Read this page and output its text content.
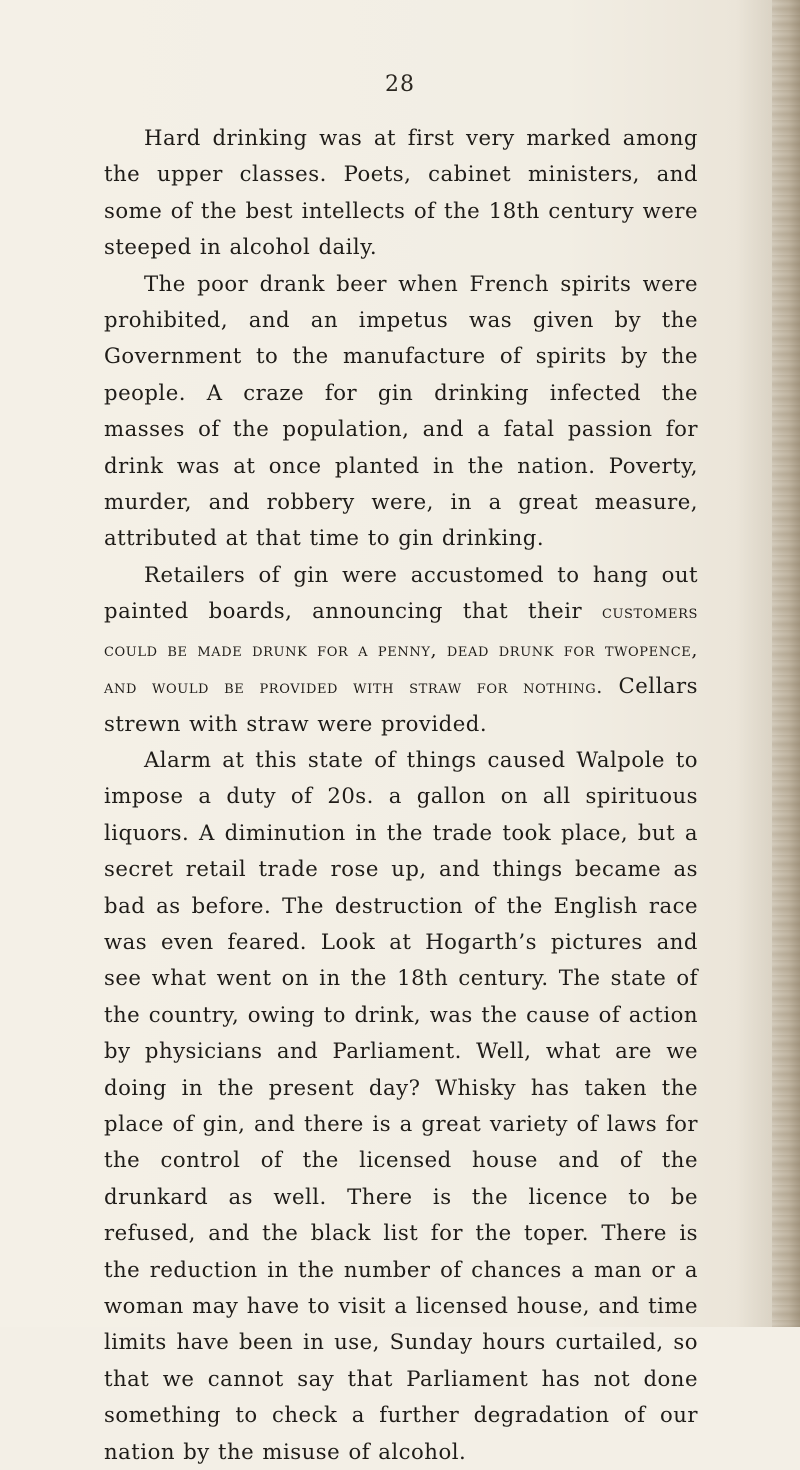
28

Hard drinking was at first very marked among the upper classes. Poets, cabinet ministers, and some of the best intellects of the 18th century were steeped in alcohol daily.

The poor drank beer when French spirits were prohibited, and an impetus was given by the Government to the manufacture of spirits by the people. A craze for gin drinking infected the masses of the population, and a fatal passion for drink was at once planted in the nation. Poverty, murder, and robbery were, in a great measure, attributed at that time to gin drinking.

Retailers of gin were accustomed to hang out painted boards, announcing that their customers could be made drunk for a penny, dead drunk for twopence, and would be provided with straw for nothing. Cellars strewn with straw were provided.

Alarm at this state of things caused Walpole to impose a duty of 20s. a gallon on all spirituous liquors. A diminution in the trade took place, but a secret retail trade rose up, and things became as bad as before. The destruction of the English race was even feared. Look at Hogarth’s pictures and see what went on in the 18th century. The state of the country, owing to drink, was the cause of action by physicians and Parliament. Well, what are we doing in the present day? Whisky has taken the place of gin, and there is a great variety of laws for the control of the licensed house and of the drunkard as well. There is the licence to be refused, and the black list for the toper. There is the reduction in the number of chances a man or a woman may have to visit a licensed house, and time limits have been in use, Sunday hours curtailed, so that we cannot say that Parliament has not done something to check a further degradation of our nation by the misuse of alcohol.
